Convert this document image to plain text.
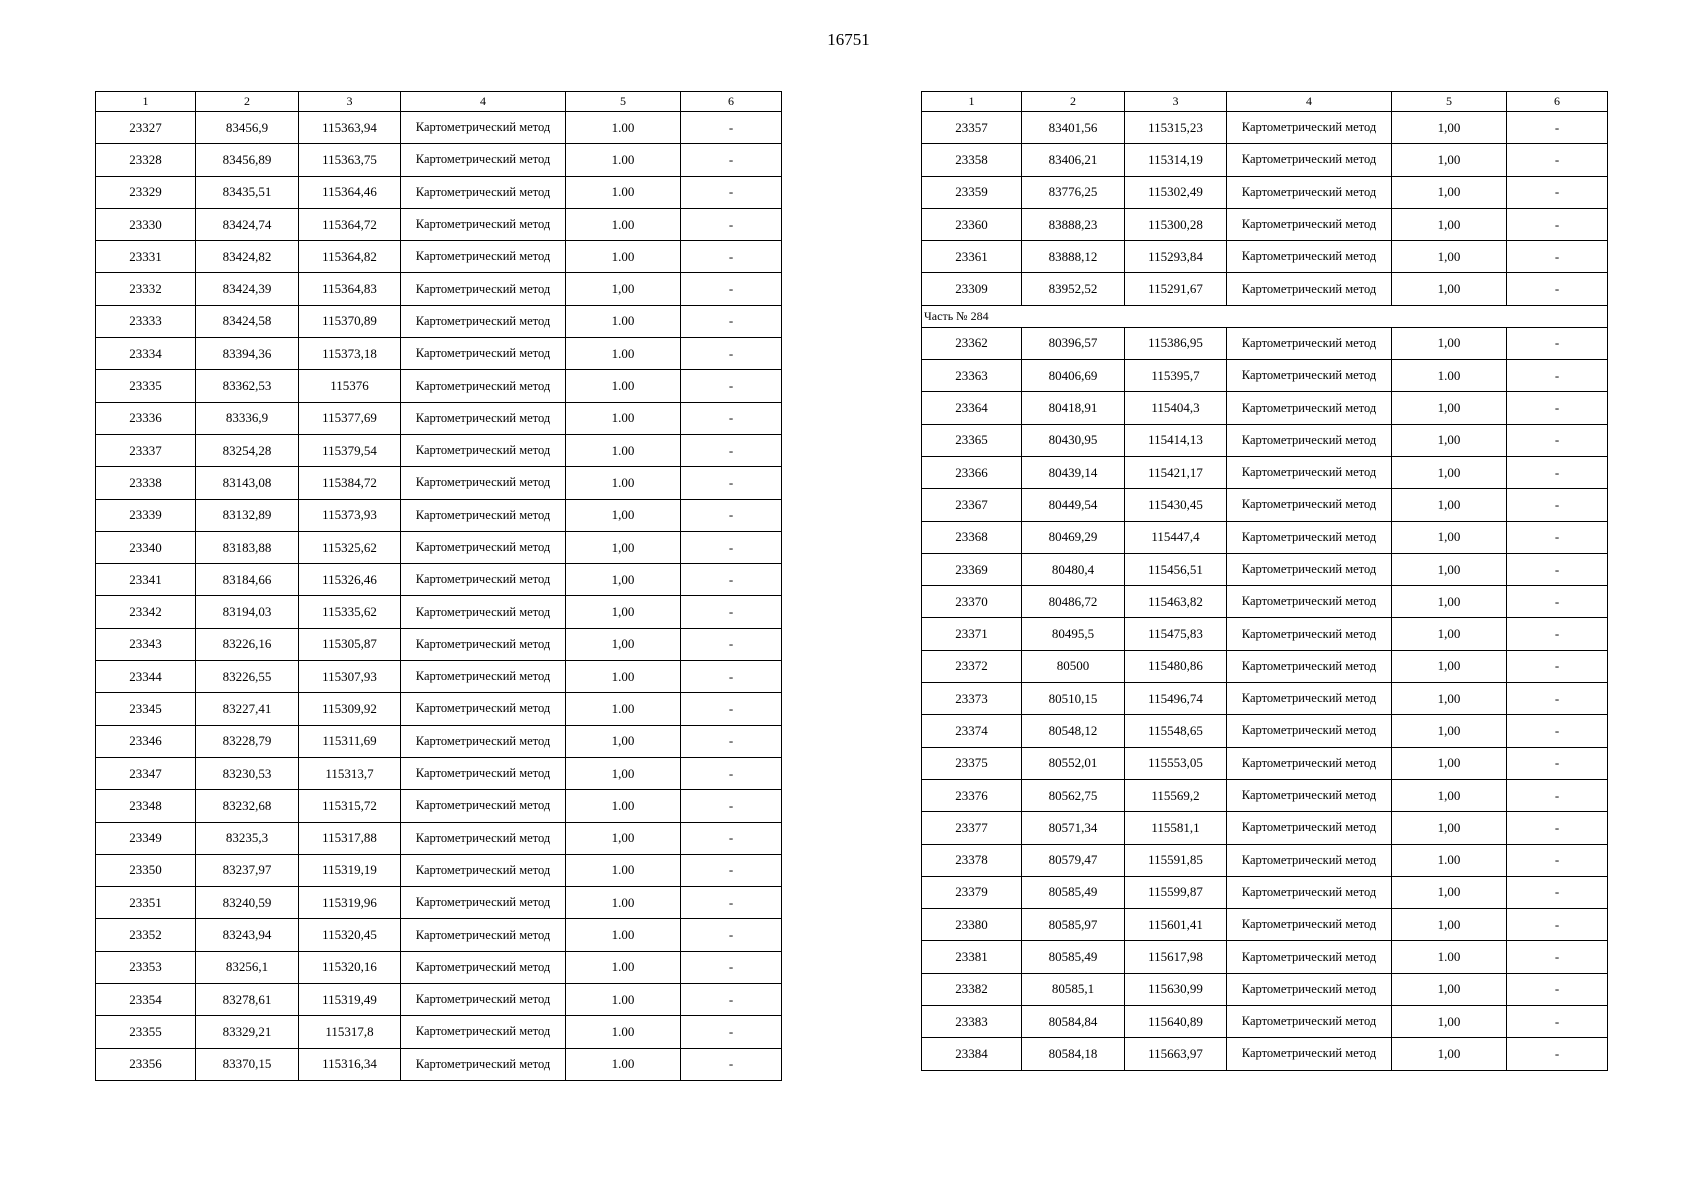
16751
1	2	3	4	5	6
23327	83456,9	115363,94	Картометрический метод	1.00	-
23328	83456,89	115363,75	Картометрический метод	1.00	-
23329	83435,51	115364,46	Картометрический метод	1.00	-
23330	83424,74	115364,72	Картометрический метод	1.00	-
23331	83424,82	115364,82	Картометрический метод	1.00	-
23332	83424,39	115364,83	Картометрический метод	1,00	-
23333	83424,58	115370,89	Картометрический метод	1.00	-
23334	83394,36	115373,18	Картометрический метод	1.00	-
23335	83362,53	115376	Картометрический метод	1.00	-
23336	83336,9	115377,69	Картометрический метод	1.00	-
23337	83254,28	115379,54	Картометрический метод	1.00	-
23338	83143,08	115384,72	Картометрический метод	1.00	-
23339	83132,89	115373,93	Картометрический метод	1,00	-
23340	83183,88	115325,62	Картометрический метод	1,00	-
23341	83184,66	115326,46	Картометрический метод	1,00	-
23342	83194,03	115335,62	Картометрический метод	1,00	-
23343	83226,16	115305,87	Картометрический метод	1,00	-
23344	83226,55	115307,93	Картометрический метод	1.00	-
23345	83227,41	115309,92	Картометрический метод	1.00	-
23346	83228,79	115311,69	Картометрический метод	1,00	-
23347	83230,53	115313,7	Картометрический метод	1,00	-
23348	83232,68	115315,72	Картометрический метод	1.00	-
23349	83235,3	115317,88	Картометрический метод	1,00	-
23350	83237,97	115319,19	Картометрический метод	1.00	-
23351	83240,59	115319,96	Картометрический метод	1.00	-
23352	83243,94	115320,45	Картометрический метод	1.00	-
23353	83256,1	115320,16	Картометрический метод	1.00	-
23354	83278,61	115319,49	Картометрический метод	1.00	-
23355	83329,21	115317,8	Картометрический метод	1.00	-
23356	83370,15	115316,34	Картометрический метод	1.00	-
1	2	3	4	5	6
23357	83401,56	115315,23	Картометрический метод	1,00	-
23358	83406,21	115314,19	Картометрический метод	1,00	-
23359	83776,25	115302,49	Картометрический метод	1,00	-
23360	83888,23	115300,28	Картометрический метод	1,00	-
23361	83888,12	115293,84	Картометрический метод	1,00	-
23309	83952,52	115291,67	Картометрический метод	1,00	-
Часть № 284					
23362	80396,57	115386,95	Картометрический метод	1,00	-
23363	80406,69	115395,7	Картометрический метод	1.00	-
23364	80418,91	115404,3	Картометрический метод	1,00	-
23365	80430,95	115414,13	Картометрический метод	1,00	-
23366	80439,14	115421,17	Картометрический метод	1,00	-
23367	80449,54	115430,45	Картометрический метод	1,00	-
23368	80469,29	115447,4	Картометрический метод	1,00	-
23369	80480,4	115456,51	Картометрический метод	1,00	-
23370	80486,72	115463,82	Картометрический метод	1,00	-
23371	80495,5	115475,83	Картометрический метод	1,00	-
23372	80500	115480,86	Картометрический метод	1,00	-
23373	80510,15	115496,74	Картометрический метод	1,00	-
23374	80548,12	115548,65	Картометрический метод	1,00	-
23375	80552,01	115553,05	Картометрический метод	1,00	-
23376	80562,75	115569,2	Картометрический метод	1,00	-
23377	80571,34	115581,1	Картометрический метод	1,00	-
23378	80579,47	115591,85	Картометрический метод	1.00	-
23379	80585,49	115599,87	Картометрический метод	1,00	-
23380	80585,97	115601,41	Картометрический метод	1,00	-
23381	80585,49	115617,98	Картометрический метод	1.00	-
23382	80585,1	115630,99	Картометрический метод	1,00	-
23383	80584,84	115640,89	Картометрический метод	1,00	-
23384	80584,18	115663,97	Картометрический метод	1,00	-
